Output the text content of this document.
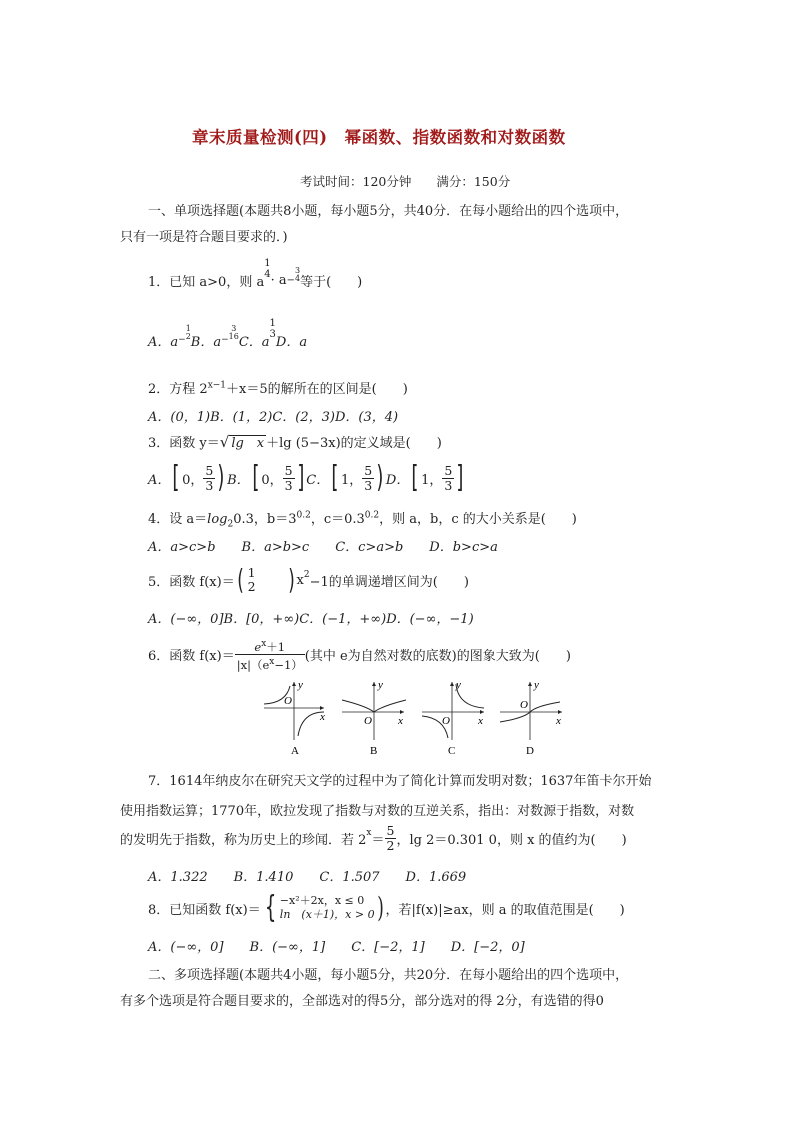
章末质量检测(四)　幂函数、指数函数和对数函数
考试时间：120分钟　　满分：150分
一、单项选择题(本题共8小题，每小题5分，共40分．在每小题给出的四个选项中，
只有一项是符合题目要求的．)
1．已知 a>0，则 a
1
4 · a −
3
4 等于(　　)
A．a −
1
2 B．a −
3
16 C．a
1
3 D．a
2．方程 $2^{x-1}+x=5$的解所在的区间是(　　)
A．(0，1)B．(1，2)C．(2，3)D．(3，4)
3．函数 y＝√ lg　x ＋lg (5−3x)的定义域是(　　)
A． [ 0， $\frac{5}{3}$ ) B． [ 0， $\frac{5}{3}$ ] C． [ 1， $\frac{5}{3}$ ) D． [ 1， $\frac{5}{3}$ ]
4．设 $a=\log_20.3$，$b=3^{0.2}$，$c=0.3^{0.2}$，则 a，b，c 的大小关系是(　　)
A．a>c>b　　B．a>b>c　　C．c>a>b　　D．b>c>a
5．函数 f(x)＝ ( 1
2 ) x 2 −1的单调递增区间为(　　)
A．(−∞，0]B．[0，+∞)C．(−1，+∞)D．(−∞，−1)
6．函数 $f(x)= \frac{e^x+1}{|x|(e^x-1)}$ (其中 e为自然对数的底数)的图象大致为(　　)
y
x
O
A
y
x
O
B
y
x
O
C
y
x
O
D
7．1614年纳皮尔在研究天文学的过程中为了简化计算而发明对数；1637年笛卡尔开始
使用指数运算；1770年，欧拉发现了指数与对数的互逆关系，指出：对数源于指数，对数
的发明先于指数，称为历史上的珍闻．若 2 $x = \frac{5}{2}$ ，lg 2＝0.301 0，则 x 的值约为(　　)
A．1.322　　B．1.410　　C．1.507　　D．1.669
8．已知函数 f(x)＝ { −x²＋2x，x ≤ 0
ln　(x＋1)，x > 0 ) ，若|f(x)|≥ax，则 a 的取值范围是(　　)
A．(−∞，0]　　B．(−∞，1]　　C．[−2，1]　　D．[−2，0]
二、多项选择题(本题共4小题，每小题5分，共20分．在每小题给出的四个选项中，
有多个选项是符合题目要求的，全部选对的得5分，部分选对的得 2分，有选错的得0
